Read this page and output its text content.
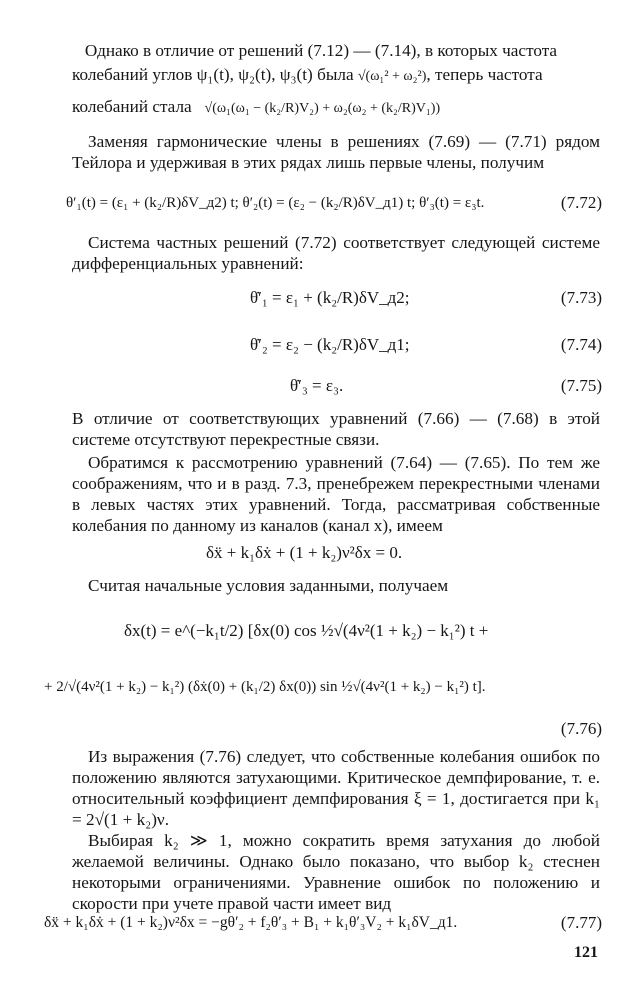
Однако в отличие от решений (7.12) — (7.14), в которых частота
колебаний углов ψ₁(t), ψ₂(t), ψ₃(t) была √(ω₁² + ω₂²), теперь частота
колебаний стала √(ω₁(ω₁ − (k₂/R)V₂) + ω₂(ω₂ + (k₂/R)V₁))
Заменяя гармонические члены в решениях (7.69) — (7.71) рядом Тейлора и удерживая в этих рядах лишь первые члены, получим
θ′₁(t) = (ε₁ + (k₂/R)δV_д2) t; θ′₂(t) = (ε₂ − (k₂/R)δV_д1) t; θ′₃(t) = ε₃t.	(7.72)
Система частных решений (7.72) соответствует следующей системе дифференциальных уравнений:
θ̇′₁ = ε₁ + (k₂/R)δV_д2;	(7.73)
θ̇′₂ = ε₂ − (k₂/R)δV_д1;	(7.74)
θ̇′₃ = ε₃.	(7.75)
В отличие от соответствующих уравнений (7.66) — (7.68) в этой системе отсутствуют перекрестные связи.
Обратимся к рассмотрению уравнений (7.64) — (7.65). По тем же соображениям, что и в разд. 7.3, пренебрежем перекрестными членами в левых частях этих уравнений. Тогда, рассматривая собственные колебания по данному из каналов (канал x), имеем
δẍ + k₁δẋ + (1 + k₂)ν²δx = 0.
Считая начальные условия заданными, получаем
δx(t) = e^(−k₁t/2) [δx(0) cos ½√(4ν²(1 + k₂) − k₁²) t +
+ 2/√(4ν²(1 + k₂) − k₁²) (δẋ(0) + (k₁/2) δx(0)) sin ½√(4ν²(1 + k₂) − k₁²) t].
(7.76)
Из выражения (7.76) следует, что собственные колебания ошибок по положению являются затухающими. Критическое демпфирование, т. е. относительный коэффициент демпфирования ξ = 1, достигается при k₁ = 2√(1 + k₂)ν.
Выбирая k₂ ≫ 1, можно сократить время затухания до любой желаемой величины. Однако было показано, что выбор k₂ стеснен некоторыми ограничениями. Уравнение ошибок по положению и скорости при учете правой части имеет вид
δẍ + k₁δẋ + (1 + k₂)ν²δx = −gθ′₂ + f₂θ′₃ + B₁ + k₁θ′₃V₂ + k₁δV_д1.	(7.77)
121
